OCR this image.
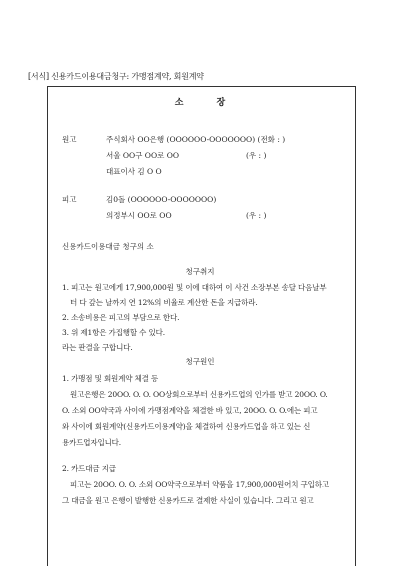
[서식] 신용카드이용대금청구: 가맹점계약, 회원계약
소 장
원고	주식회사 OO은행 (OOOOOO-OOOOOOO) (전화 : )
서울 OO구 OO로 OO	(우 : )
대표이사 김 O O
피고	김0돌 (OOOOOO-OOOOOOO)
의정부시 OO로 OO	(우 : )
신용카드이용대금 청구의 소
청구취지
1. 피고는 원고에게 17,900,000원 및 이에 대하여 이 사건 소장부본 송달 다음날부
터 다 갚는 날까지 연 12%의 비율로 계산한 돈을 지급하라.
2. 소송비용은 피고의 부담으로 한다.
3. 위 제1항은 가집행할 수 있다.
라는 판결을 구합니다.
청구원인
1. 가맹점 및 회원계약 체결 등
원고은행은 20OO. O. O. OO상회으로부터 신용카드업의 인가를 받고 20OO. O.
O. 소외 OO약국과 사이에 가맹점계약을 체결한 바 있고, 20OO. O. O.에는 피고
와 사이에 회원계약(신용카드이용계약)을 체결하여 신용카드업을 하고 있는 신
용카드업자입니다.
2. 카드대금 지급
피고는 20OO. O. O. 소외 OO약국으로부터 약품을 17,900,000원어치 구입하고
그 대금을 원고 은행이 발행한 신용카드로 결제한 사실이 있습니다. 그리고 원고
